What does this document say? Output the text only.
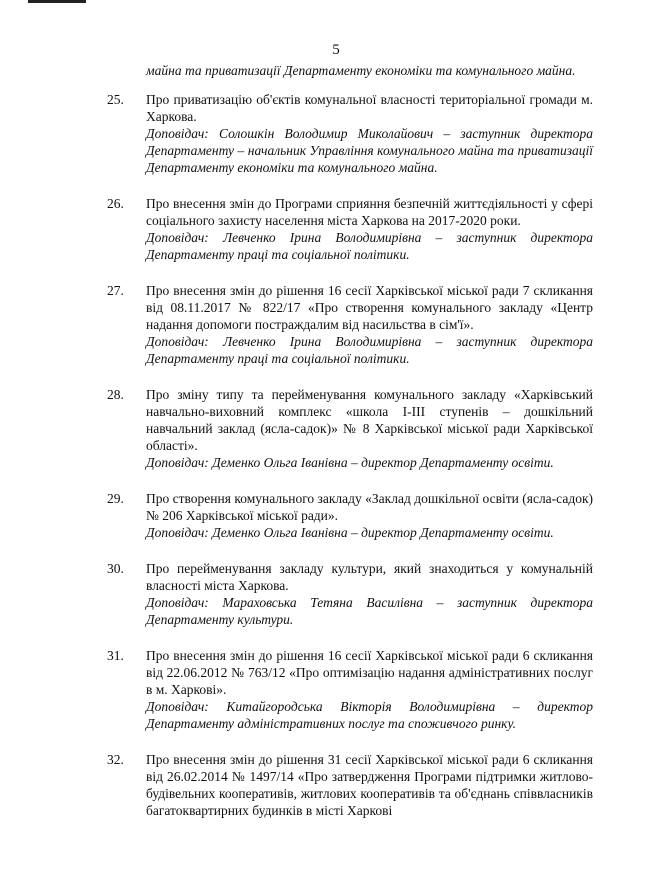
5
майна та приватизації Департаменту економіки та комунального майна.
25. Про приватизацію об'єктів комунальної власності територіальної громади м. Харкова.
Доповідач: Солошкін Володимир Миколайович – заступник директора Департаменту – начальник Управління комунального майна та приватизації Департаменту економіки та комунального майна.
26. Про внесення змін до Програми сприяння безпечній життєдіяльності у сфері соціального захисту населення міста Харкова на 2017-2020 роки.
Доповідач: Левченко Ірина Володимирівна – заступник директора Департаменту праці та соціальної політики.
27. Про внесення змін до рішення 16 сесії Харківської міської ради 7 скликання від 08.11.2017 № 822/17 «Про створення комунального закладу «Центр надання допомоги постраждалим від насильства в сім'ї».
Доповідач: Левченко Ірина Володимирівна – заступник директора Департаменту праці та соціальної політики.
28. Про зміну типу та перейменування комунального закладу «Харківський навчально-виховний комплекс «школа І-ІІІ ступенів – дошкільний навчальний заклад (ясла-садок)» № 8 Харківської міської ради Харківської області».
Доповідач: Деменко Ольга Іванівна – директор Департаменту освіти.
29. Про створення комунального закладу «Заклад дошкільної освіти (ясла-садок) № 206 Харківської міської ради».
Доповідач: Деменко Ольга Іванівна – директор Департаменту освіти.
30. Про перейменування закладу культури, який знаходиться у комунальній власності міста Харкова.
Доповідач: Мараховська Тетяна Василівна – заступник директора Департаменту культури.
31. Про внесення змін до рішення 16 сесії Харківської міської ради 6 скликання від 22.06.2012 № 763/12 «Про оптимізацію надання адміністративних послуг в м. Харкові».
Доповідач: Китайгородська Вікторія Володимирівна – директор Департаменту адміністративних послуг та споживчого ринку.
32. Про внесення змін до рішення 31 сесії Харківської міської ради 6 скликання від 26.02.2014 № 1497/14 «Про затвердження Програми підтримки житлово-будівельних кооперативів, житлових кооперативів та об'єднань співвласників багатоквартирних будинків в місті Харкові
